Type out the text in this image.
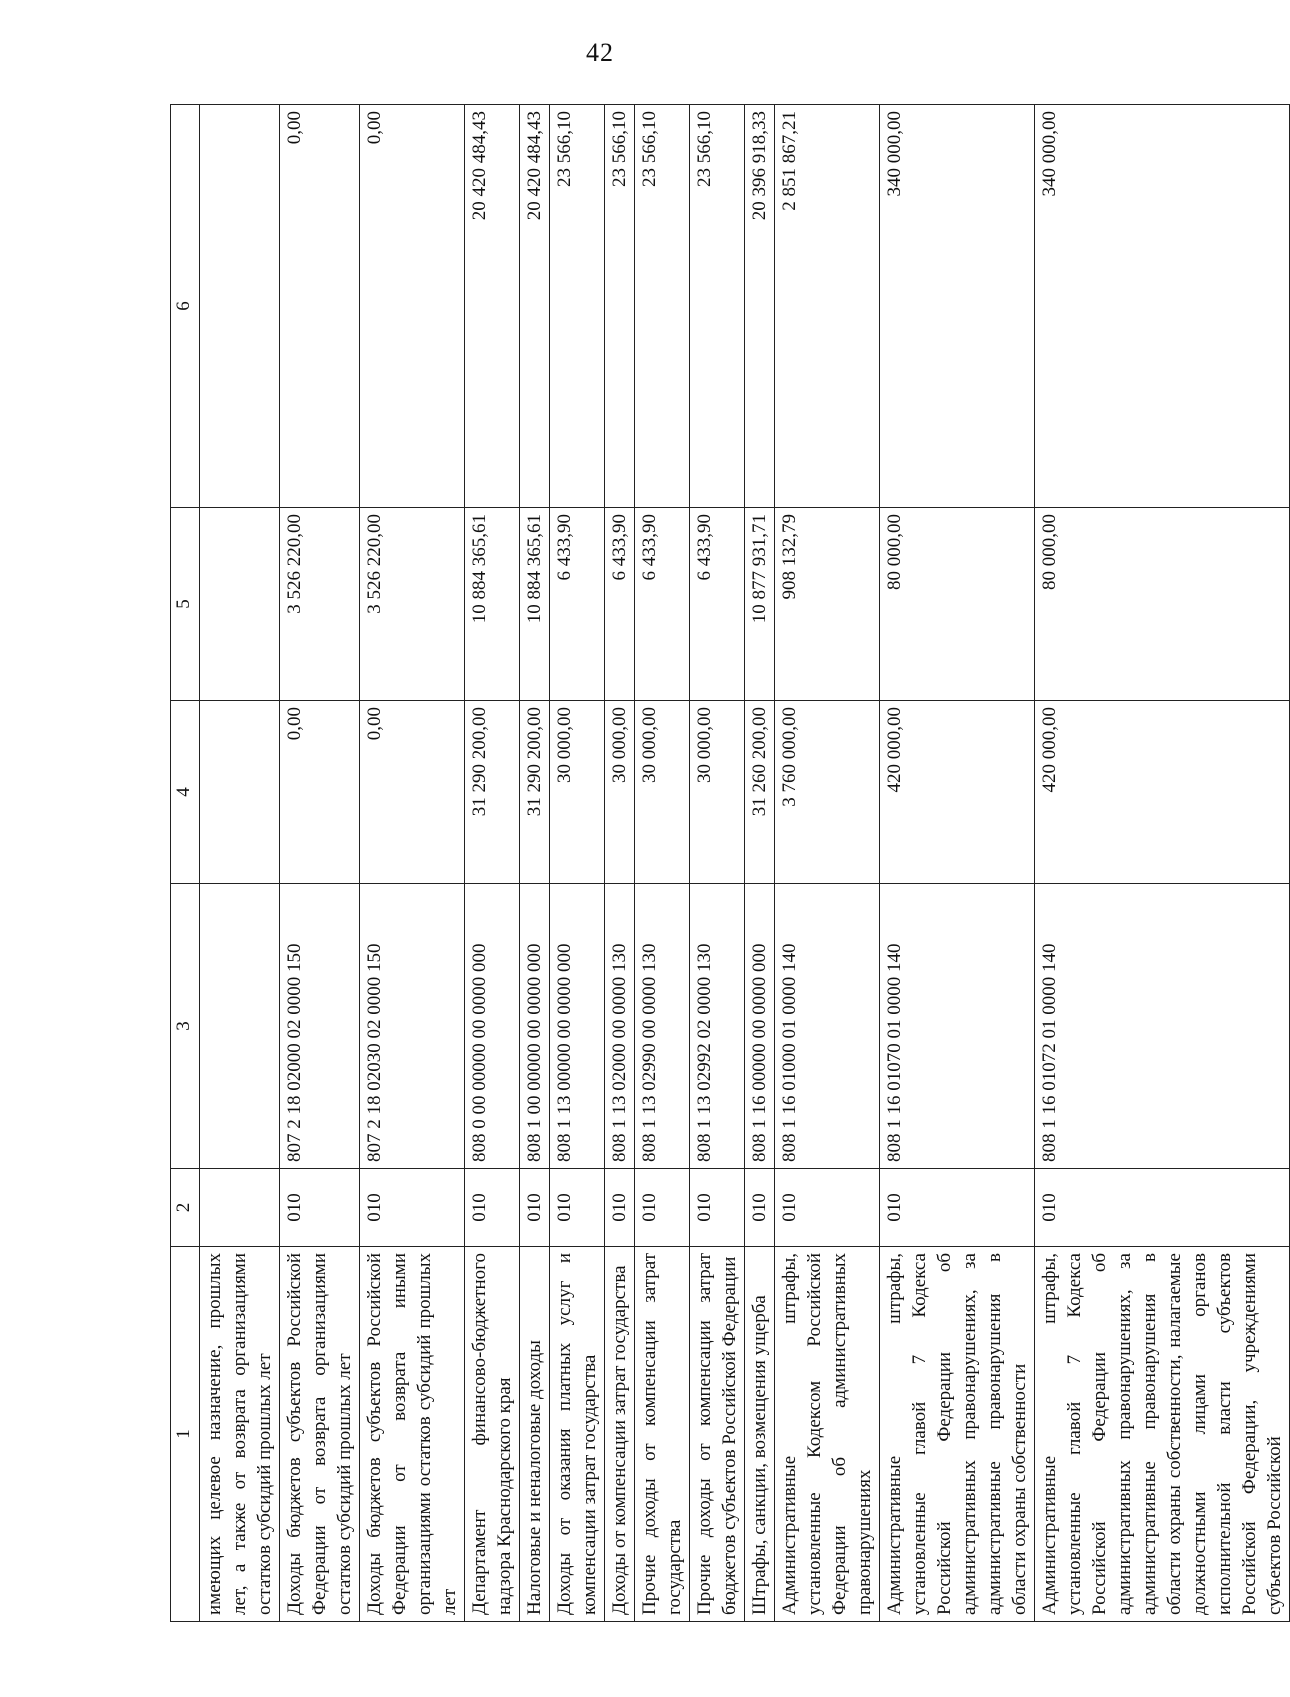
42
1	2	3	4	5	6
имеющих целевое назначение, прошлых лет, а также от возврата организациями остатков субсидий прошлых лет					
Доходы бюджетов субъектов Российской Федерации от возврата организациями остатков субсидий прошлых лет	010	807 2 18 02000 02 0000 150	0,00	3 526 220,00	0,00
Доходы бюджетов субъектов Российской Федерации от возврата иными организациями остатков субсидий прошлых лет	010	807 2 18 02030 02 0000 150	0,00	3 526 220,00	0,00
Департамент финансово-бюджетного надзора Краснодарского края	010	808 0 00 00000 00 0000 000	31 290 200,00	10 884 365,61	20 420 484,43
Налоговые и неналоговые доходы	010	808 1 00 00000 00 0000 000	31 290 200,00	10 884 365,61	20 420 484,43
Доходы от оказания платных услуг и компенсации затрат государства	010	808 1 13 00000 00 0000 000	30 000,00	6 433,90	23 566,10
Доходы от компенсации затрат государства	010	808 1 13 02000 00 0000 130	30 000,00	6 433,90	23 566,10
Прочие доходы от компенсации затрат государства	010	808 1 13 02990 00 0000 130	30 000,00	6 433,90	23 566,10
Прочие доходы от компенсации затрат бюджетов субъектов Российской Федерации	010	808 1 13 02992 02 0000 130	30 000,00	6 433,90	23 566,10
Штрафы, санкции, возмещения ущерба	010	808 1 16 00000 00 0000 000	31 260 200,00	10 877 931,71	20 396 918,33
Административные штрафы, установленные Кодексом Российской Федерации об административных правонарушениях	010	808 1 16 01000 01 0000 140	3 760 000,00	908 132,79	2 851 867,21
Административные штрафы, установленные главой 7 Кодекса Российской Федерации об административных правонарушениях, за административные правонарушения в области охраны собственности	010	808 1 16 01070 01 0000 140	420 000,00	80 000,00	340 000,00
Административные штрафы, установленные главой 7 Кодекса Российской Федерации об административных правонарушениях, за административные правонарушения в области охраны собственности, налагаемые должностными лицами органов исполнительной власти субъектов Российской Федерации, учреждениями субъектов Российской	010	808 1 16 01072 01 0000 140	420 000,00	80 000,00	340 000,00
